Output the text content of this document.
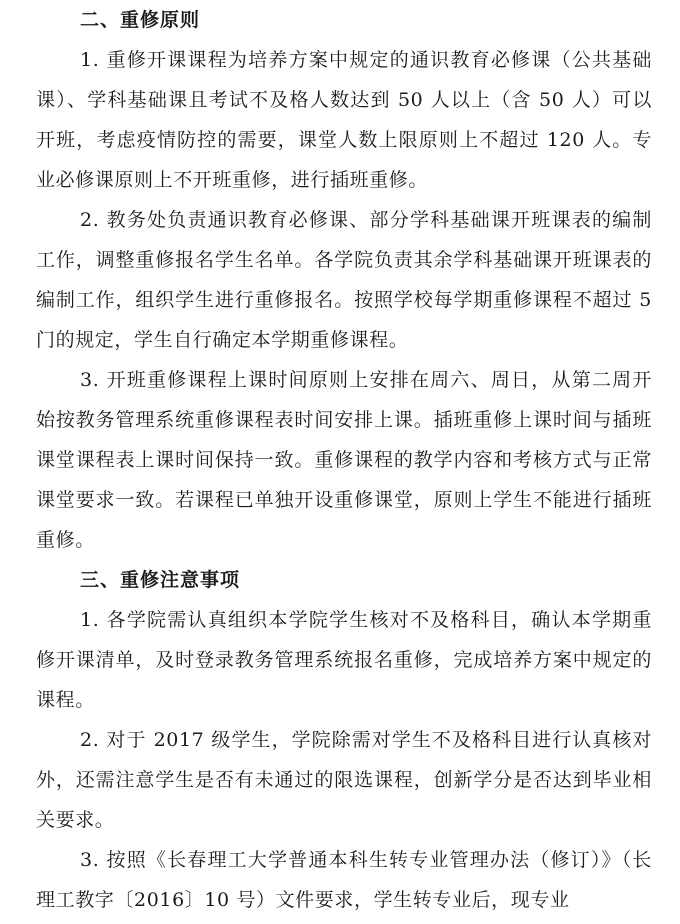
二、重修原则

1. 重修开课课程为培养方案中规定的通识教育必修课（公共基础课）、学科基础课且考试不及格人数达到 50 人以上（含 50 人）可以开班，考虑疫情防控的需要，课堂人数上限原则上不超过 120 人。专业必修课原则上不开班重修，进行插班重修。

2. 教务处负责通识教育必修课、部分学科基础课开班课表的编制工作，调整重修报名学生名单。各学院负责其余学科基础课开班课表的编制工作，组织学生进行重修报名。按照学校每学期重修课程不超过 5 门的规定，学生自行确定本学期重修课程。

3. 开班重修课程上课时间原则上安排在周六、周日，从第二周开始按教务管理系统重修课程表时间安排上课。插班重修上课时间与插班课堂课程表上课时间保持一致。重修课程的教学内容和考核方式与正常课堂要求一致。若课程已单独开设重修课堂，原则上学生不能进行插班重修。

三、重修注意事项

1. 各学院需认真组织本学院学生核对不及格科目，确认本学期重修开课清单，及时登录教务管理系统报名重修，完成培养方案中规定的课程。

2. 对于 2017 级学生，学院除需对学生不及格科目进行认真核对外，还需注意学生是否有未通过的限选课程，创新学分是否达到毕业相关要求。

3. 按照《长春理工大学普通本科生转专业管理办法（修订）》（长理工教字〔2016〕10 号）文件要求，学生转专业后，现专业
